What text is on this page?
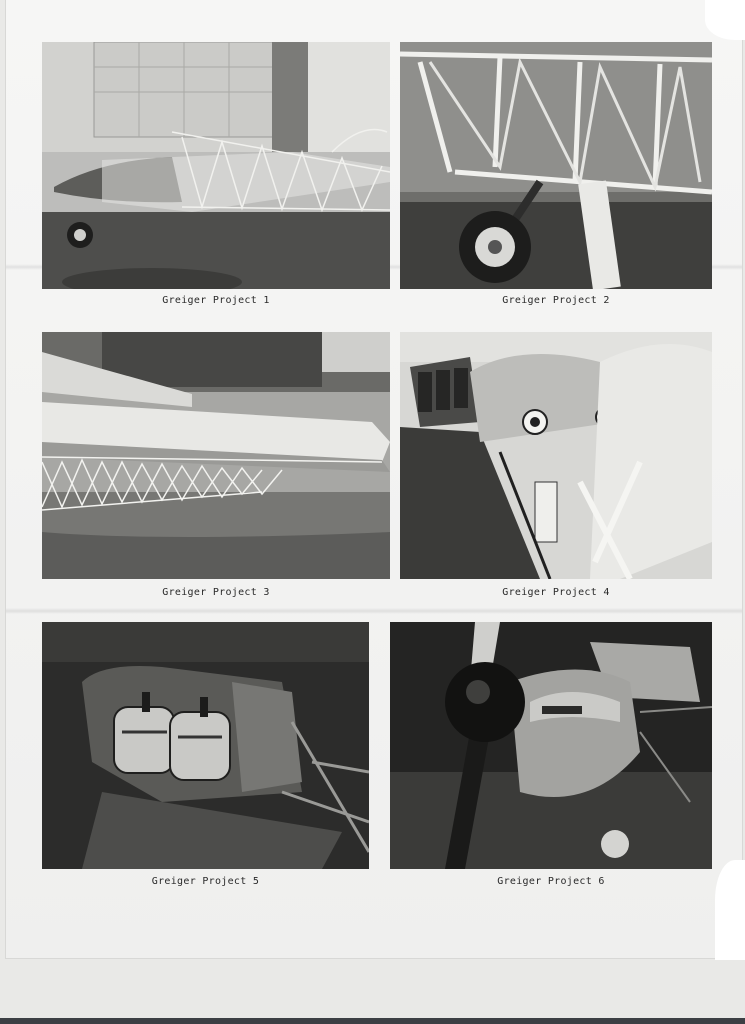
Greiger Project 1	Greiger Project 2
Greiger Project 3	Greiger Project 4
Greiger Project 5	Greiger Project 6
